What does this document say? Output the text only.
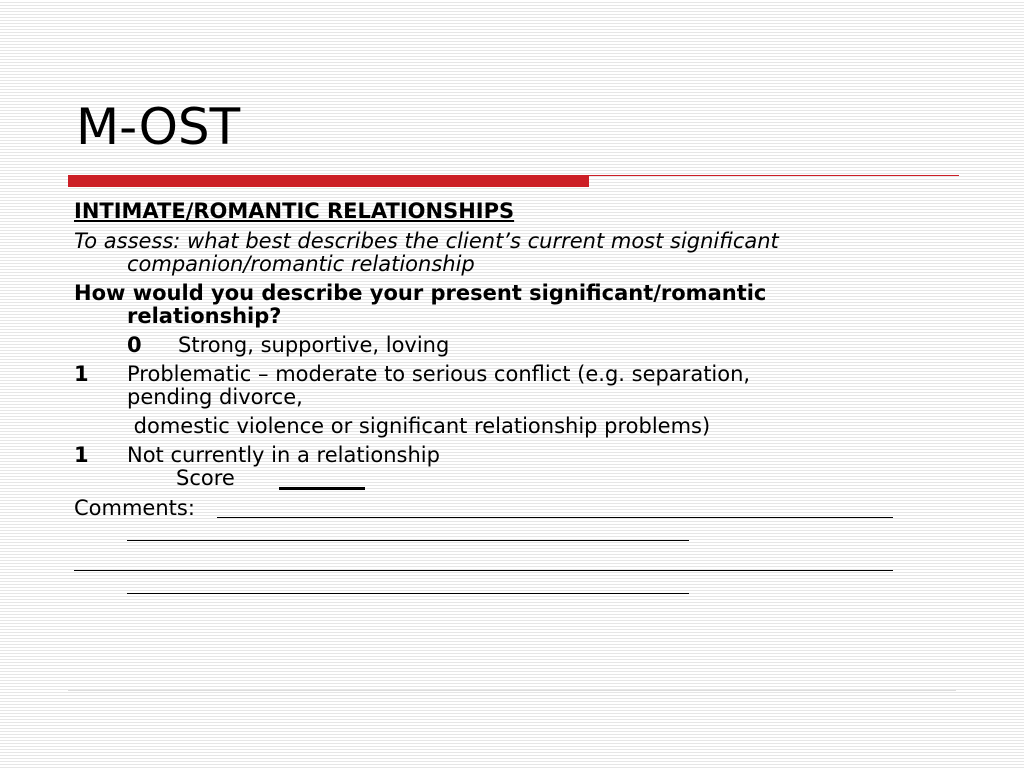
M-OST
INTIMATE/ROMANTIC RELATIONSHIPS
To assess: what best describes the client’s current most significant
companion/romantic relationship
How would you describe your present significant/romantic
relationship?
0 Strong, supportive, loving
1 Problematic – moderate to serious conflict (e.g. separation,
pending divorce,
domestic violence or significant relationship problems)
1 Not currently in a relationship
Score
Comments:
